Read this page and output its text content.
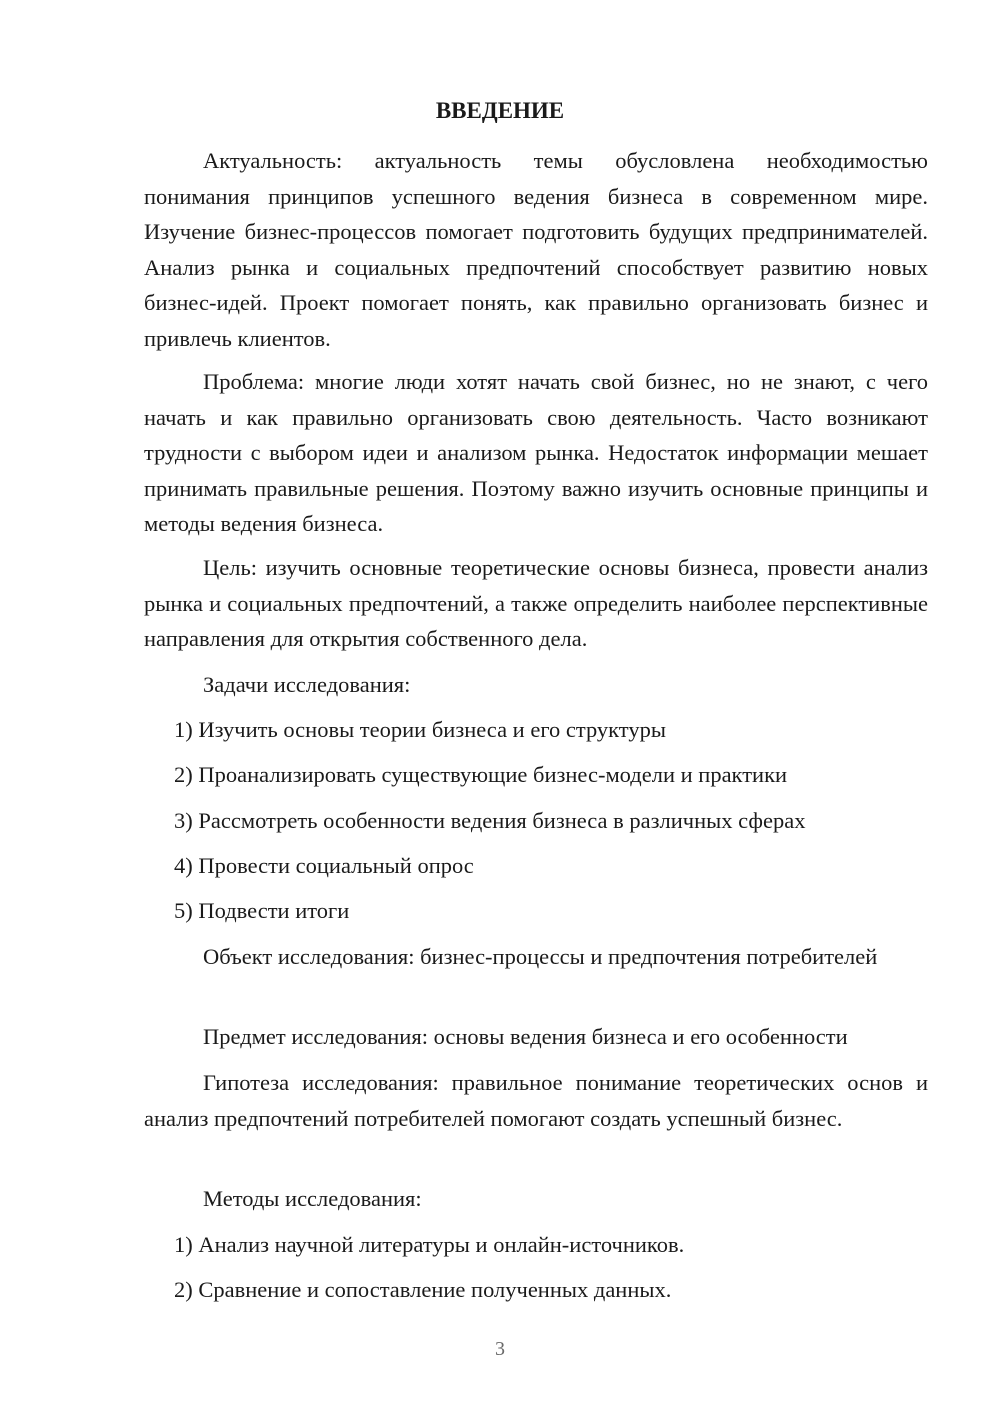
ВВЕДЕНИЕ

Актуальность: актуальность темы обусловлена необходимостью понимания принципов успешного ведения бизнеса в современном мире. Изучение бизнес-процессов помогает подготовить будущих предпринимателей. Анализ рынка и социальных предпочтений способствует развитию новых бизнес-идей. Проект помогает понять, как правильно организовать бизнес и привлечь клиентов.

Проблема: многие люди хотят начать свой бизнес, но не знают, с чего начать и как правильно организовать свою деятельность. Часто возникают трудности с выбором идеи и анализом рынка. Недостаток информации мешает принимать правильные решения. Поэтому важно изучить основные принципы и методы ведения бизнеса.

Цель: изучить основные теоретические основы бизнеса, провести анализ рынка и социальных предпочтений, а также определить наиболее перспективные направления для открытия собственного дела.

Задачи исследования:
1) Изучить основы теории бизнеса и его структуры
2) Проанализировать существующие бизнес-модели и практики
3) Рассмотреть особенности ведения бизнеса в различных сферах
4) Провести социальный опрос
5) Подвести итоги

Объект исследования: бизнес-процессы и предпочтения потребителей

Предмет исследования: основы ведения бизнеса и его особенности

Гипотеза исследования: правильное понимание теоретических основ и анализ предпочтений потребителей помогают создать успешный бизнес.

Методы исследования:
1) Анализ научной литературы и онлайн-источников.
2) Сравнение и сопоставление полученных данных.
3
